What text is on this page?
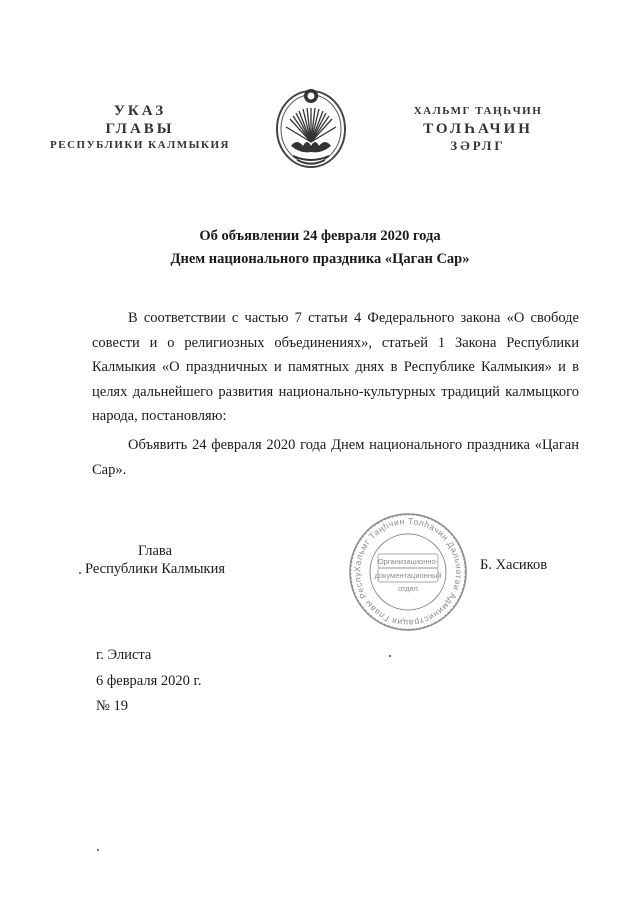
УКАЗ
ГЛАВЫ
РЕСПУБЛИКИ КАЛМЫКИЯ
ХАЛЬМГ ТАҢҺЧИН
ТОЛҺАЧИН
ЗӘРЛГ
Об объявлении 24 февраля 2020 года
Днем национального праздника «Цаган Сар»

В соответствии с частью 7 статьи 4 Федерального закона «О свободе совести и о религиозных объединениях», статьей 1 Закона Республики Калмыкия «О праздничных и памятных днях в Республике Калмыкия» и в целях дальнейшего развития национально-культурных традиций калмыцкого народа, постановляю:

Объявить 24 февраля 2020 года Днем национального праздника «Цаган Сар».

Глава
Республики Калмыкия	Хальмг Таңһчин Толһачин Дальнәтәи Администрация Главы Респу
Организационно-
документационный
отдел
Б. Хасиков
г. Элиста
6 февраля 2020 г.
№ 19
